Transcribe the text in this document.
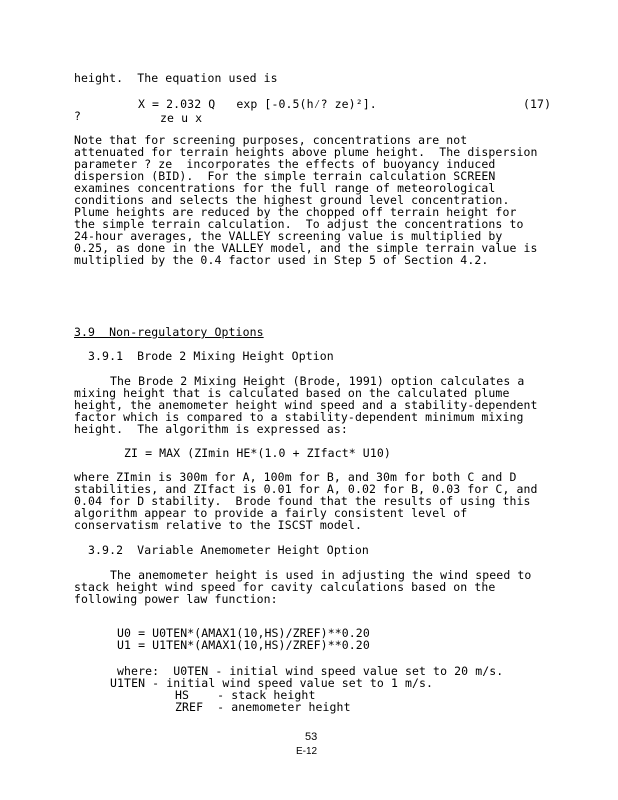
height.  The equation used is
X = 2.032 Q   exp [-0.5(h⁄? ze)²].	(17)
?	ze u x
Note that for screening purposes, concentrations are not
attenuated for terrain heights above plume height.  The dispersion
parameter ? ze  incorporates the effects of buoyancy induced
dispersion (BID).  For the simple terrain calculation SCREEN
examines concentrations for the full range of meteorological
conditions and selects the highest ground level concentration.
Plume heights are reduced by the chopped off terrain height for
the simple terrain calculation.  To adjust the concentrations to
24-hour averages, the VALLEY screening value is multiplied by
0.25, as done in the VALLEY model, and the simple terrain value is
multiplied by the 0.4 factor used in Step 5 of Section 4.2.
3.9  Non-regulatory Options
3.9.1  Brode 2 Mixing Height Option
The Brode 2 Mixing Height (Brode, 1991) option calculates a
mixing height that is calculated based on the calculated plume
height, the anemometer height wind speed and a stability-dependent
factor which is compared to a stability-dependent minimum mixing
height.  The algorithm is expressed as:
ZI = MAX (ZImin HE*(1.0 + ZIfact* U10)
where ZImin is 300m for A, 100m for B, and 30m for both C and D
stabilities, and ZIfact is 0.01 for A, 0.02 for B, 0.03 for C, and
0.04 for D stability.  Brode found that the results of using this
algorithm appear to provide a fairly consistent level of
conservatism relative to the ISCST model.
3.9.2  Variable Anemometer Height Option
The anemometer height is used in adjusting the wind speed to
stack height wind speed for cavity calculations based on the
following power law function:
U0 = U0TEN*(AMAX1(10,HS)/ZREF)**0.20
U1 = U1TEN*(AMAX1(10,HS)/ZREF)**0.20
where:  U0TEN - initial wind speed value set to 20 m/s.
U1TEN - initial wind speed value set to 1 m/s.
HS    - stack height
ZREF  - anemometer height
53
E-12
